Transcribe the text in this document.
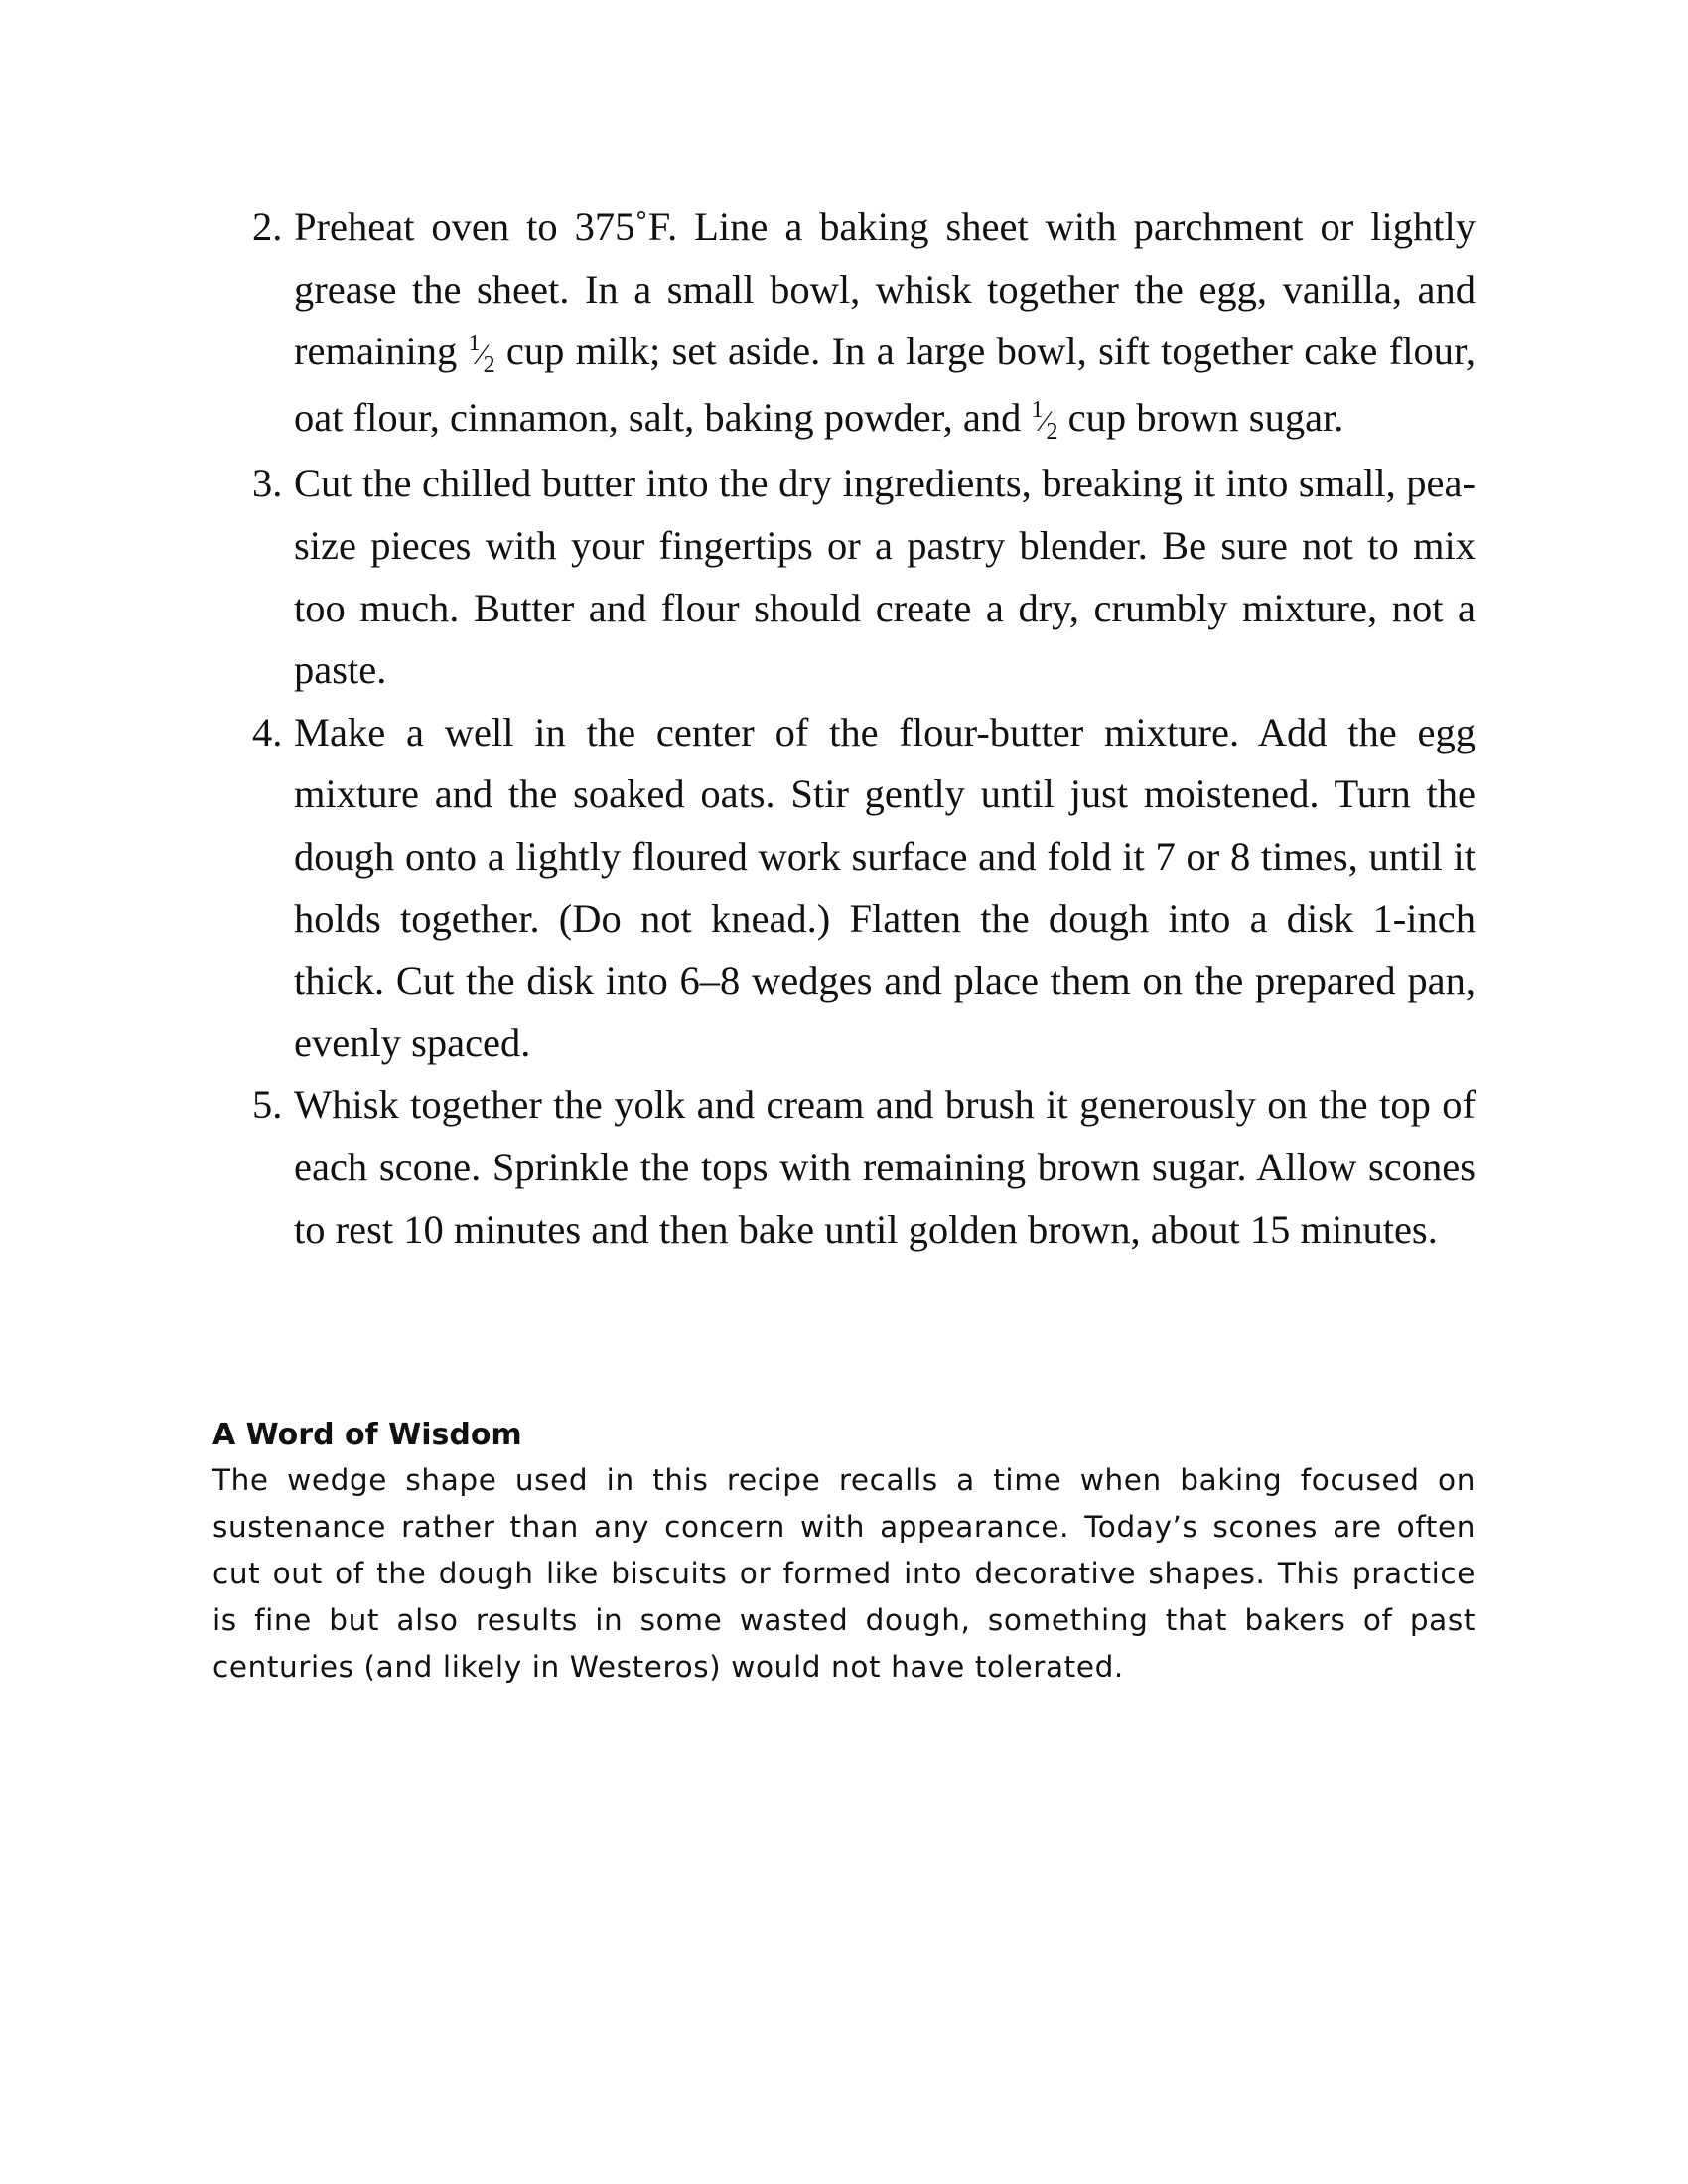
2. Preheat oven to 375˚F. Line a baking sheet with parchment or lightly grease the sheet. In a small bowl, whisk together the egg, vanilla, and remaining $^1⁄_2$ cup milk; set aside. In a large bowl, sift together cake flour, oat flour, cinnamon, salt, baking powder, and $^1⁄_2$ cup brown sugar.
3. Cut the chilled butter into the dry ingredients, breaking it into small, pea-size pieces with your fingertips or a pastry blender. Be sure not to mix too much. Butter and flour should create a dry, crumbly mixture, not a paste.
4. Make a well in the center of the flour-butter mixture. Add the egg mixture and the soaked oats. Stir gently until just moistened. Turn the dough onto a lightly floured work surface and fold it 7 or 8 times, until it holds together. (Do not knead.) Flatten the dough into a disk 1-inch thick. Cut the disk into 6–8 wedges and place them on the prepared pan, evenly spaced.
5. Whisk together the yolk and cream and brush it generously on the top of each scone. Sprinkle the tops with remaining brown sugar. Allow scones to rest 10 minutes and then bake until golden brown, about 15 minutes.
A Word of Wisdom

The wedge shape used in this recipe recalls a time when baking focused on sustenance rather than any concern with appearance. Today’s scones are often cut out of the dough like biscuits or formed into decorative shapes. This practice is fine but also results in some wasted dough, something that bakers of past centuries (and likely in Westeros) would not have tolerated.
